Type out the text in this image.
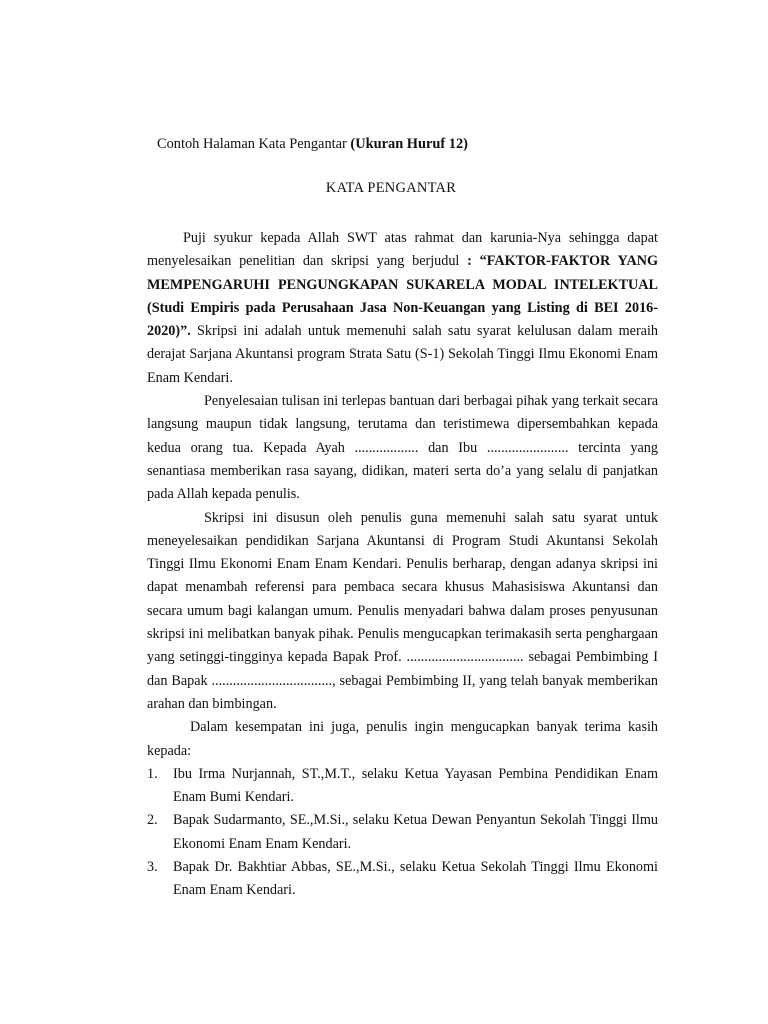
Contoh Halaman Kata Pengantar (Ukuran Huruf 12)
KATA PENGANTAR

Puji syukur kepada Allah SWT atas rahmat dan karunia-Nya sehingga dapat menyelesaikan penelitian dan skripsi yang berjudul : “FAKTOR-FAKTOR YANG MEMPENGARUHI PENGUNGKAPAN SUKARELA MODAL INTELEKTUAL (Studi Empiris pada Perusahaan Jasa Non-Keuangan yang Listing di BEI 2016-2020)”. Skripsi ini adalah untuk memenuhi salah satu syarat kelulusan dalam meraih derajat Sarjana Akuntansi program Strata Satu (S-1) Sekolah Tinggi Ilmu Ekonomi Enam Enam Kendari.

Penyelesaian tulisan ini terlepas bantuan dari berbagai pihak yang terkait secara langsung maupun tidak langsung, terutama dan teristimewa dipersembahkan kepada kedua orang tua. Kepada Ayah .................. dan Ibu ....................... tercinta yang senantiasa memberikan rasa sayang, didikan, materi serta do’a yang selalu di panjatkan pada Allah kepada penulis.

Skripsi ini disusun oleh penulis guna memenuhi salah satu syarat untuk meneyelesaikan pendidikan Sarjana Akuntansi di Program Studi Akuntansi Sekolah Tinggi Ilmu Ekonomi Enam Enam Kendari. Penulis berharap, dengan adanya skripsi ini dapat menambah referensi para pembaca secara khusus Mahasisiswa Akuntansi dan secara umum bagi kalangan umum. Penulis menyadari bahwa dalam proses penyusunan skripsi ini melibatkan banyak pihak. Penulis mengucapkan terimakasih serta penghargaan yang setinggi-tingginya kepada Bapak Prof. ................................. sebagai Pembimbing I dan Bapak .................................., sebagai Pembimbing II, yang telah banyak memberikan arahan dan bimbingan.

Dalam kesempatan ini juga, penulis ingin mengucapkan banyak terima kasih kepada:

1. Ibu Irma Nurjannah, ST.,M.T., selaku Ketua Yayasan Pembina Pendidikan Enam Enam Bumi Kendari.
2. Bapak Sudarmanto, SE.,M.Si., selaku Ketua Dewan Penyantun Sekolah Tinggi Ilmu Ekonomi Enam Enam Kendari.
3. Bapak Dr. Bakhtiar Abbas, SE.,M.Si., selaku Ketua Sekolah Tinggi Ilmu Ekonomi Enam Enam Kendari.
